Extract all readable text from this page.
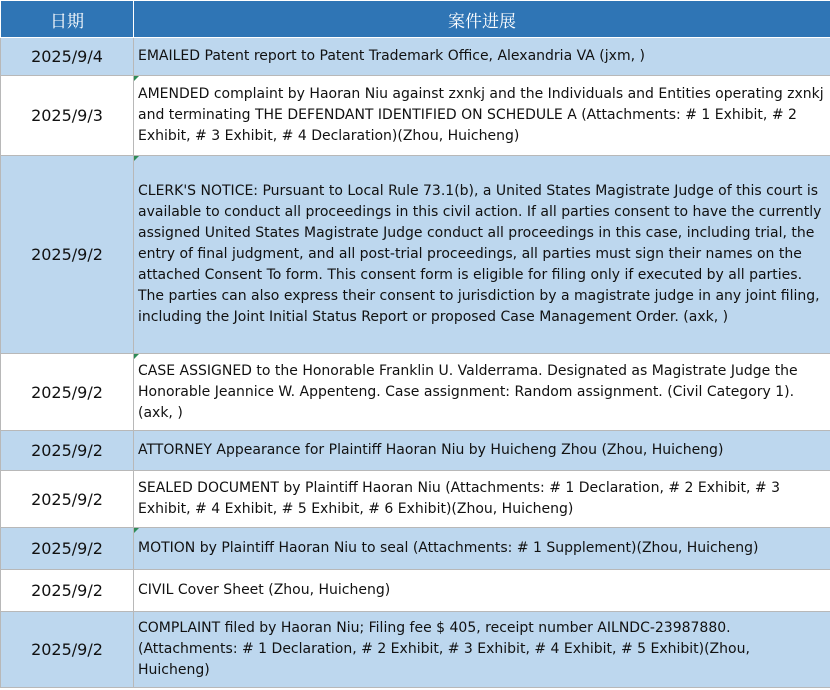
日期	案件进展
2025/9/4	EMAILED Patent report to Patent Trademark Office, Alexandria VA (jxm, )
2025/9/3	AMENDED complaint by Haoran Niu against zxnkj and the Individuals and Entities operating zxnkj and terminating THE DEFENDANT IDENTIFIED ON SCHEDULE A (Attachments: # 1 Exhibit, # 2 Exhibit, # 3 Exhibit, # 4 Declaration)(Zhou, Huicheng)
2025/9/2	CLERK'S NOTICE: Pursuant to Local Rule 73.1(b), a United States Magistrate Judge of this court is available to conduct all proceedings in this civil action. If all parties consent to have the currently assigned United States Magistrate Judge conduct all proceedings in this case, including trial, the entry of final judgment, and all post-trial proceedings, all parties must sign their names on the attached Consent To form. This consent form is eligible for filing only if executed by all parties. The parties can also express their consent to jurisdiction by a magistrate judge in any joint filing, including the Joint Initial Status Report or proposed Case Management Order. (axk, )
2025/9/2	CASE ASSIGNED to the Honorable Franklin U. Valderrama. Designated as Magistrate Judge the Honorable Jeannice W. Appenteng. Case assignment: Random assignment. (Civil Category 1). (axk, )
2025/9/2	ATTORNEY Appearance for Plaintiff Haoran Niu by Huicheng Zhou (Zhou, Huicheng)
2025/9/2	SEALED DOCUMENT by Plaintiff Haoran Niu (Attachments: # 1 Declaration, # 2 Exhibit, # 3 Exhibit, # 4 Exhibit, # 5 Exhibit, # 6 Exhibit)(Zhou, Huicheng)
2025/9/2	MOTION by Plaintiff Haoran Niu to seal (Attachments: # 1 Supplement)(Zhou, Huicheng)
2025/9/2	CIVIL Cover Sheet (Zhou, Huicheng)
2025/9/2	COMPLAINT filed by Haoran Niu; Filing fee $ 405, receipt number AILNDC-23987880. (Attachments: # 1 Declaration, # 2 Exhibit, # 3 Exhibit, # 4 Exhibit, # 5 Exhibit)(Zhou, Huicheng)
